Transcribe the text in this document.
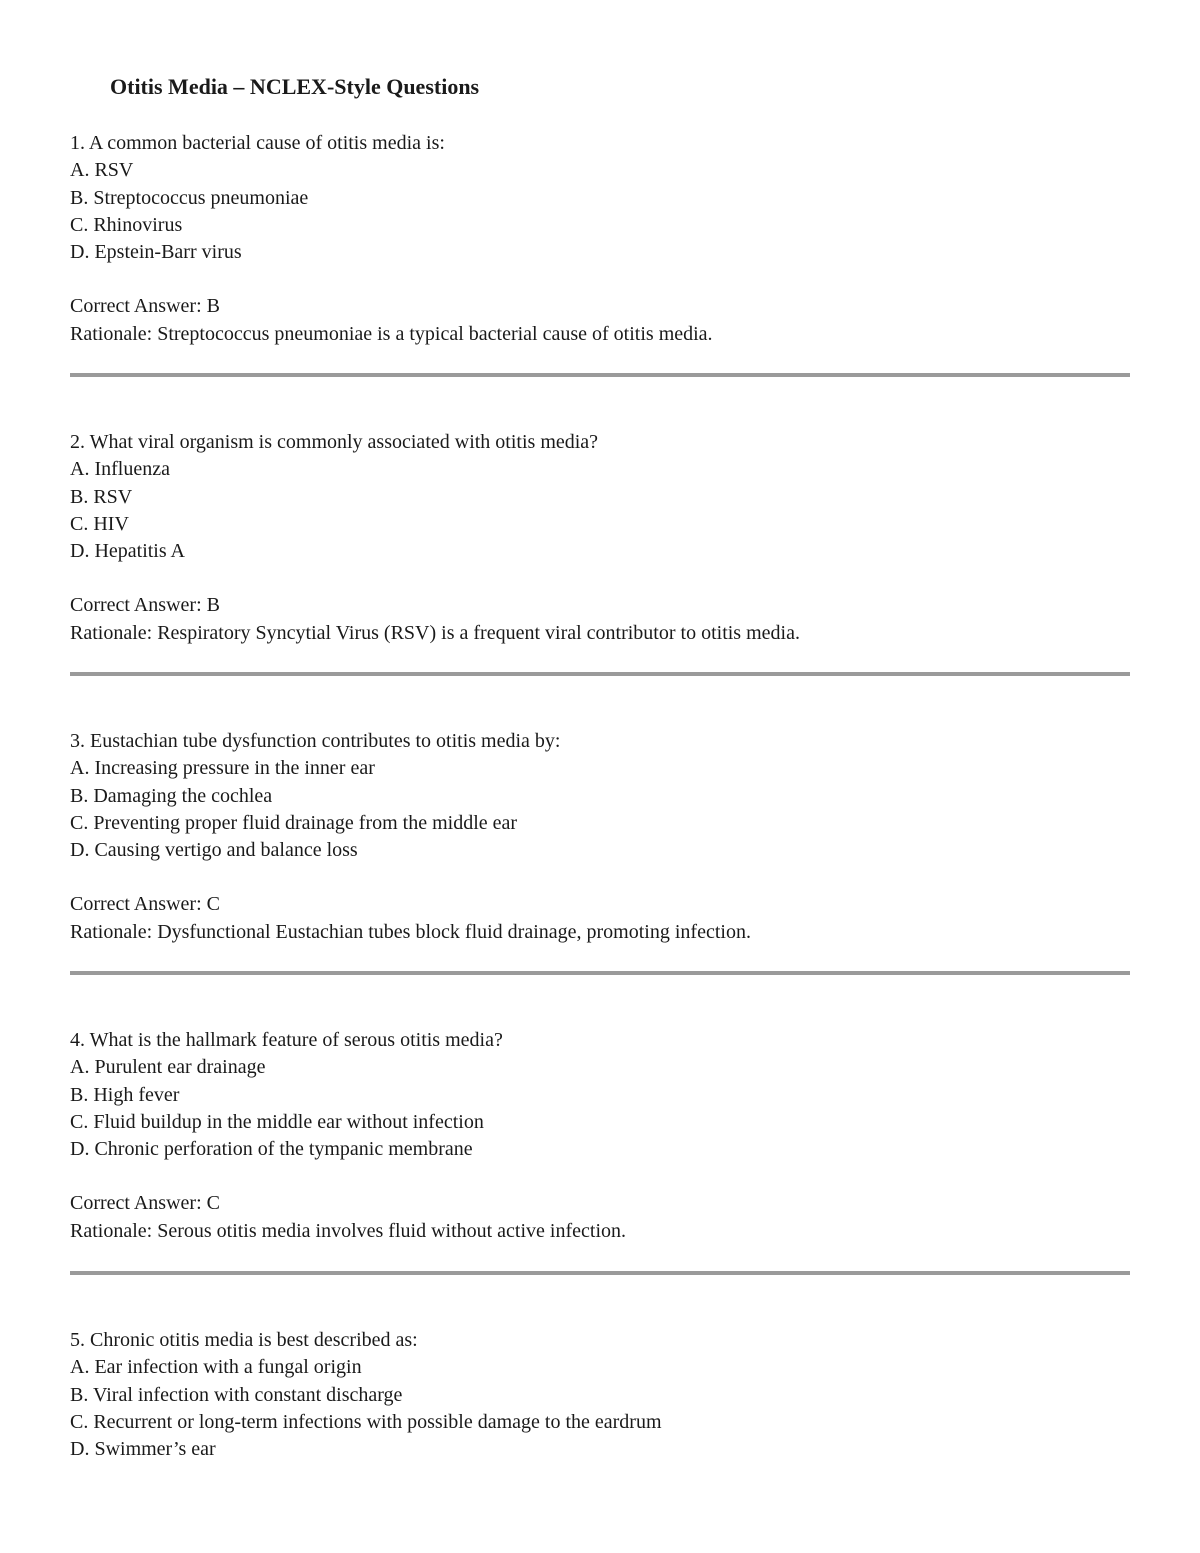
Otitis Media – NCLEX-Style Questions
1. A common bacterial cause of otitis media is:
A. RSV
B. Streptococcus pneumoniae
C. Rhinovirus
D. Epstein-Barr virus
Correct Answer: B
Rationale: Streptococcus pneumoniae is a typical bacterial cause of otitis media.
2. What viral organism is commonly associated with otitis media?
A. Influenza
B. RSV
C. HIV
D. Hepatitis A
Correct Answer: B
Rationale: Respiratory Syncytial Virus (RSV) is a frequent viral contributor to otitis media.
3. Eustachian tube dysfunction contributes to otitis media by:
A. Increasing pressure in the inner ear
B. Damaging the cochlea
C. Preventing proper fluid drainage from the middle ear
D. Causing vertigo and balance loss
Correct Answer: C
Rationale: Dysfunctional Eustachian tubes block fluid drainage, promoting infection.
4. What is the hallmark feature of serous otitis media?
A. Purulent ear drainage
B. High fever
C. Fluid buildup in the middle ear without infection
D. Chronic perforation of the tympanic membrane
Correct Answer: C
Rationale: Serous otitis media involves fluid without active infection.
5. Chronic otitis media is best described as:
A. Ear infection with a fungal origin
B. Viral infection with constant discharge
C. Recurrent or long-term infections with possible damage to the eardrum
D. Swimmer’s ear
